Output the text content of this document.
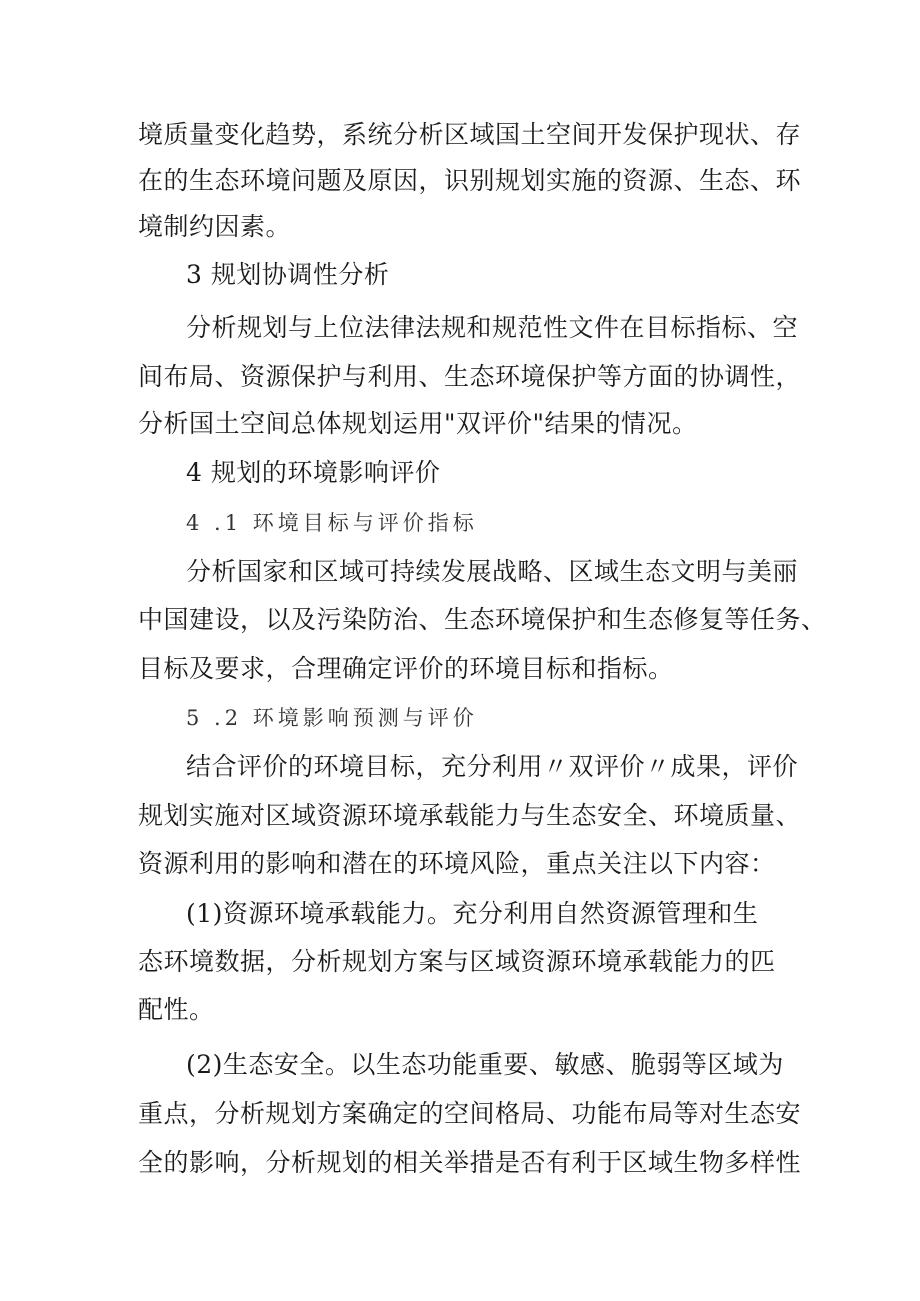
境质量变化趋势，系统分析区域国土空间开发保护现状、存
在的生态环境问题及原因，识别规划实施的资源、生态、环
境制约因素。
3 规划协调性分析
分析规划与上位法律法规和规范性文件在目标指标、空
间布局、资源保护与利用、生态环境保护等方面的协调性，
分析国土空间总体规划运用"双评价"结果的情况。
4 规划的环境影响评价
4 .1 环境目标与评价指标
分析国家和区域可持续发展战略、区域生态文明与美丽
中国建设，以及污染防治、生态环境保护和生态修复等任务、
目标及要求，合理确定评价的环境目标和指标。
5 .2 环境影响预测与评价
结合评价的环境目标，充分利用〃双评价〃成果，评价
规划实施对区域资源环境承载能力与生态安全、环境质量、
资源利用的影响和潜在的环境风险，重点关注以下内容：
(1)资源环境承载能力。充分利用自然资源管理和生
态环境数据，分析规划方案与区域资源环境承载能力的匹
配性。
(2)生态安全。以生态功能重要、敏感、脆弱等区域为
重点，分析规划方案确定的空间格局、功能布局等对生态安
全的影响，分析规划的相关举措是否有利于区域生物多样性
